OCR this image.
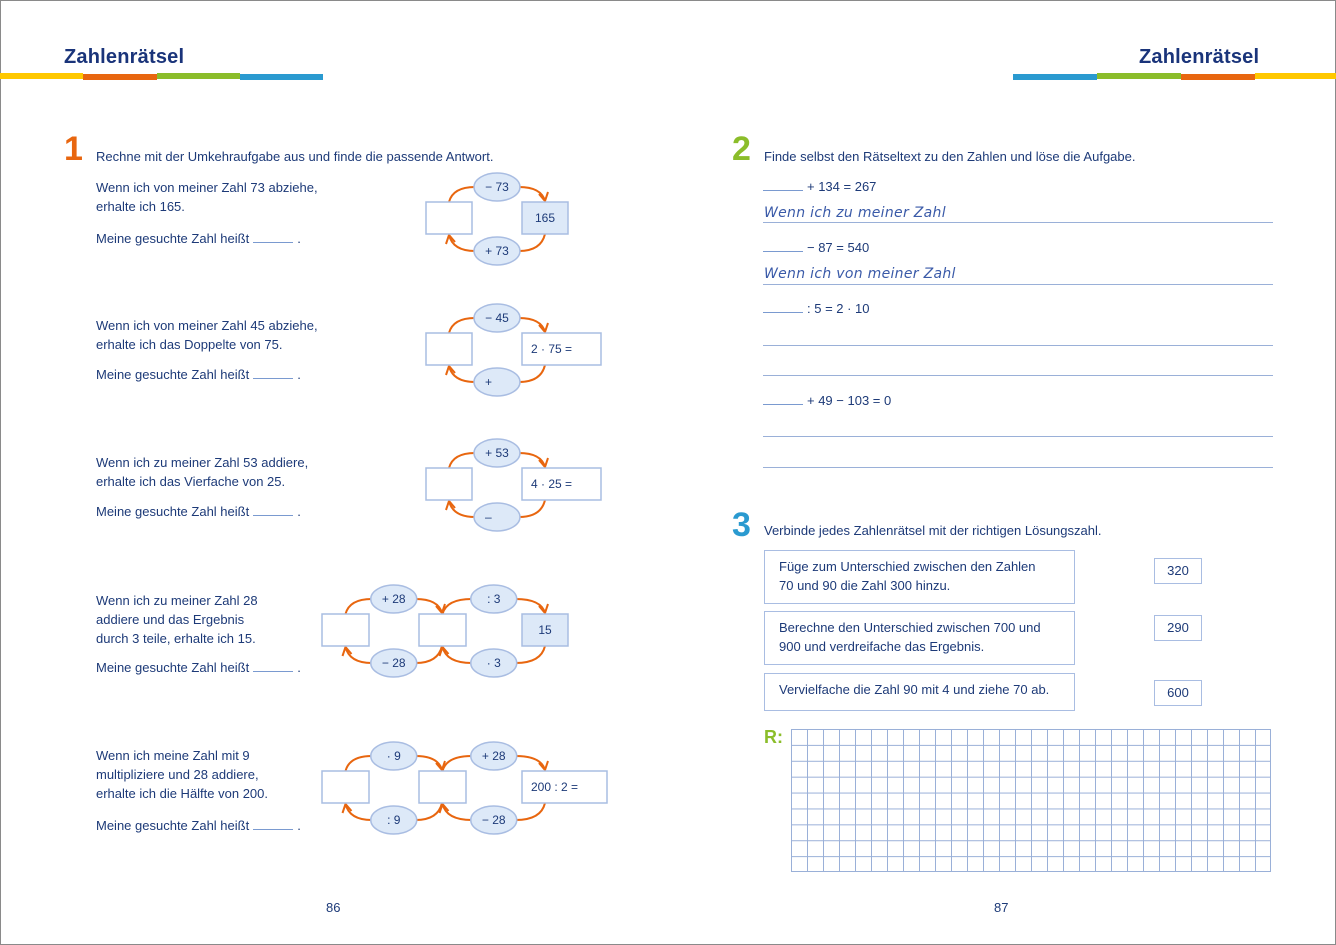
Zahlenrätsel
1 Rechne mit der Umkehraufgabe aus und finde die passende Antwort.
Wenn ich von meiner Zahl 73 abziehe,
erhalte ich 165.
Meine gesuchte Zahl heißt	.
Wenn ich von meiner Zahl 45 abziehe,
erhalte ich das Doppelte von 75.
Meine gesuchte Zahl heißt	.
Wenn ich zu meiner Zahl 53 addiere,
erhalte ich das Vierfache von 25.
Meine gesuchte Zahl heißt	.
Wenn ich zu meiner Zahl 28
addiere und das Ergebnis
durch 3 teile, erhalte ich 15.
Meine gesuchte Zahl heißt	.
Wenn ich meine Zahl mit 9
multipliziere und 28 addiere,
erhalte ich die Hälfte von 200.
Meine gesuchte Zahl heißt	.
− 73
+ 73
165
− 45
+
2 · 75 =
+ 53
–
4 · 25 =
+ 28
− 28
: 3
· 3
15
· 9
: 9
+ 28
− 28
200 : 2 =
86
Zahlenrätsel
2 Finde selbst den Rätseltext zu den Zahlen und löse die Aufgabe.
+ 134 = 267
Wenn ich zu meiner Zahl
− 87 = 540
Wenn ich von meiner Zahl
: 5 = 2 · 10
+ 49 − 103 = 0
3 Verbinde jedes Zahlenrätsel mit der richtigen Lösungszahl.
Füge zum Unterschied zwischen den Zahlen
70 und 90 die Zahl 300 hinzu.
Berechne den Unterschied zwischen 700 und
900 und verdreifache das Ergebnis.
Vervielfache die Zahl 90 mit 4 und ziehe 70 ab.
320
290
600
R:
87
